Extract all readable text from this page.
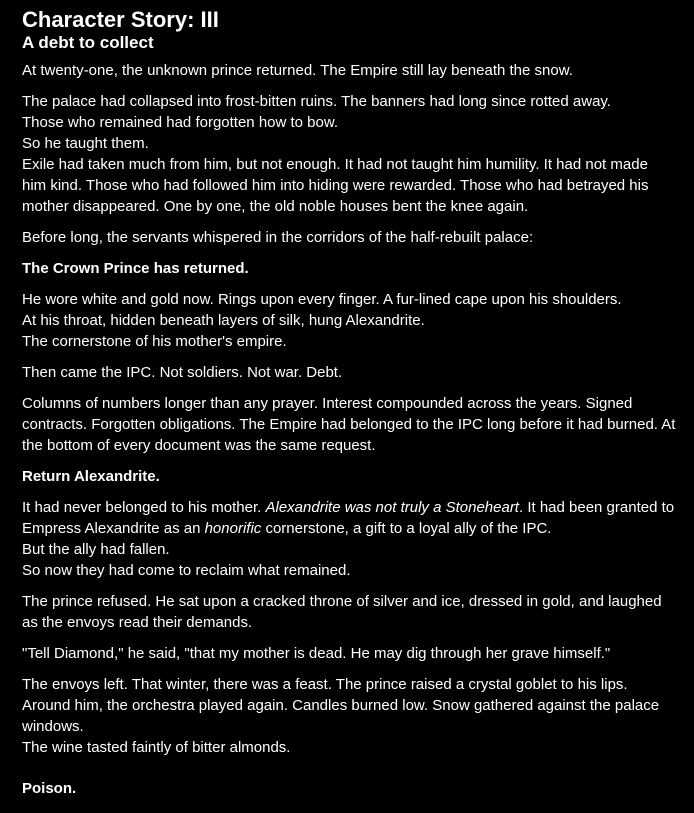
Character Story: III
A debt to collect

At twenty-one, the unknown prince returned. The Empire still lay beneath the snow.

The palace had collapsed into frost-bitten ruins. The banners had long since rotted away.
Those who remained had forgotten how to bow.
So he taught them.
Exile had taken much from him, but not enough. It had not taught him humility. It had not made him kind. Those who had followed him into hiding were rewarded. Those who had betrayed his mother disappeared. One by one, the old noble houses bent the knee again.

Before long, the servants whispered in the corridors of the half-rebuilt palace:

The Crown Prince has returned.

He wore white and gold now. Rings upon every finger. A fur-lined cape upon his shoulders.
At his throat, hidden beneath layers of silk, hung Alexandrite.
The cornerstone of his mother's empire.

Then came the IPC. Not soldiers. Not war. Debt.

Columns of numbers longer than any prayer. Interest compounded across the years. Signed contracts. Forgotten obligations. The Empire had belonged to the IPC long before it had burned. At the bottom of every document was the same request.

Return Alexandrite.

It had never belonged to his mother. Alexandrite was not truly a Stoneheart. It had been granted to Empress Alexandrite as an honorific cornerstone, a gift to a loyal ally of the IPC.
But the ally had fallen.
So now they had come to reclaim what remained.

The prince refused. He sat upon a cracked throne of silver and ice, dressed in gold, and laughed as the envoys read their demands.

"Tell Diamond," he said, "that my mother is dead. He may dig through her grave himself."

The envoys left. That winter, there was a feast. The prince raised a crystal goblet to his lips. Around him, the orchestra played again. Candles burned low. Snow gathered against the palace windows.
The wine tasted faintly of bitter almonds.

Poison.
